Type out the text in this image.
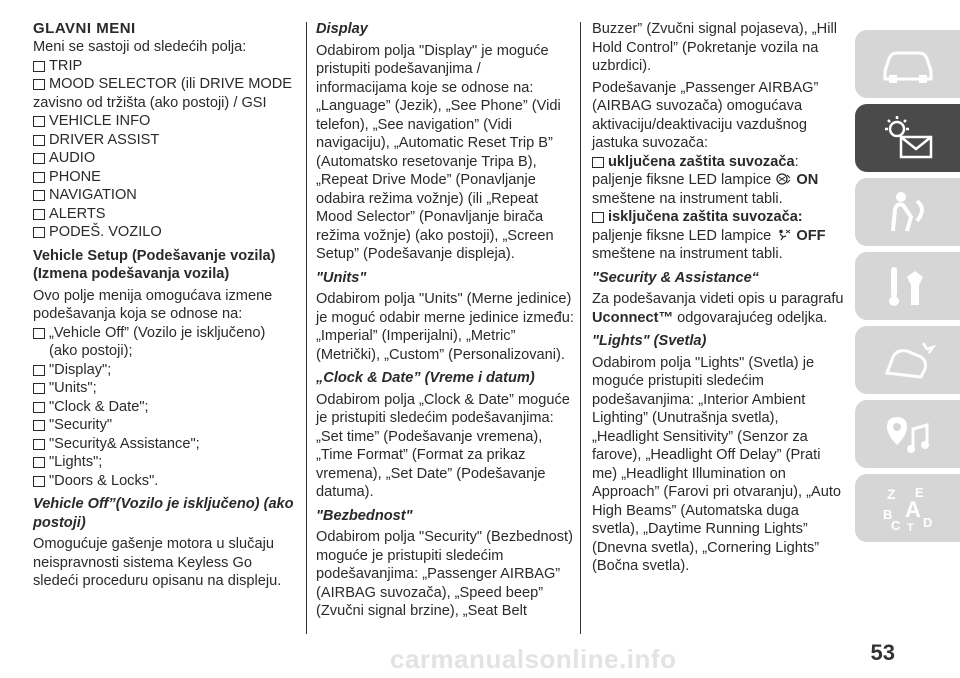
GLAVNI MENI
Meni se sastoji od sledećih polja:
TRIP
MOOD SELECTOR (ili DRIVE MODE
zavisno od tržišta (ako postoji) / GSI
VEHICLE INFO
DRIVER ASSIST
AUDIO
PHONE
NAVIGATION
ALERTS
PODEŠ. VOZILO
Vehicle Setup (Podešavanje vozila) (Izmena podešavanja vozila)
Ovo polje menija omogućava izmene podešavanja koja se odnose na:
„Vehicle Off” (Vozilo je isključeno) (ako postoji);
"Display";
"Units";
"Clock & Date";
"Security"
"Security& Assistance";
"Lights";
"Doors & Locks".
Vehicle Off”(Vozilo je isključeno) (ako postoji)
Omogućuje gašenje motora u slučaju neispravnosti sistema Keyless Go sledeći proceduru opisanu na displeju.
Display
Odabirom polja "Display" je moguće pristupiti podešavanjima / informacijama koje se odnose na: „Language” (Jezik), „See Phone” (Vidi telefon), „See navigation” (Vidi navigaciju), „Automatic Reset Trip B” (Automatsko resetovanje Tripa B), „Repeat Drive Mode” (Ponavljanje odabira režima vožnje) (ili „Repeat Mood Selector” (Ponavljanje birača režima vožnje) (ako postoji), „Screen Setup” (Podešavanje displeja).
"Units"
Odabirom polja "Units" (Merne jedinice) je moguć odabir merne jedinice između: „Imperial” (Imperijalni), „Metric” (Metrički), „Custom” (Personalizovani).
„Clock & Date” (Vreme i datum)
Odabirom polja „Clock & Date” moguće je pristupiti sledećim podešavanjima: „Set time” (Podešavanje vremena), „Time Format” (Format za prikaz vremena), „Set Date” (Podešavanje datuma).
"Bezbednost"
Odabirom polja "Security" (Bezbednost) moguće je pristupiti sledećim podešavanjima: „Passenger AIRBAG” (AIRBAG suvozača), „Speed beep” (Zvučni signal brzine), „Seat Belt
Buzzer” (Zvučni signal pojaseva), „Hill Hold Control” (Pokretanje vozila na uzbrdici).
Podešavanje „Passenger AIRBAG” (AIRBAG suvozača) omogućava aktivaciju/deaktivaciju vazdušnog jastuka suvozača:
uključena zaštita suvozača:
paljenje fiksne LED lampice ON
smeštene na instrument tabli.
isključena zaštita suvozača:
paljenje fiksne LED lampice OFF
smeštene na instrument tabli.
"Security & Assistance“
Za podešavanja videti opis u paragrafu Uconnect™ odgovarajućeg odeljka.
"Lights" (Svetla)
Odabirom polja "Lights" (Svetla) je moguće pristupiti sledećim podešavanjima: „Interior Ambient Lighting” (Unutrašnja svetla), „Headlight Sensitivity” (Senzor za farove), „Headlight Off Delay” (Prati me) „Headlight Illumination on Approach” (Farovi pri otvaranju), „Auto High Beams” (Automatska duga svetla), „Daytime Running Lights” (Dnevna svetla), „Cornering Lights” (Bočna svetla).
Z E
B A
C D
T
carmanualsonline.info	53
